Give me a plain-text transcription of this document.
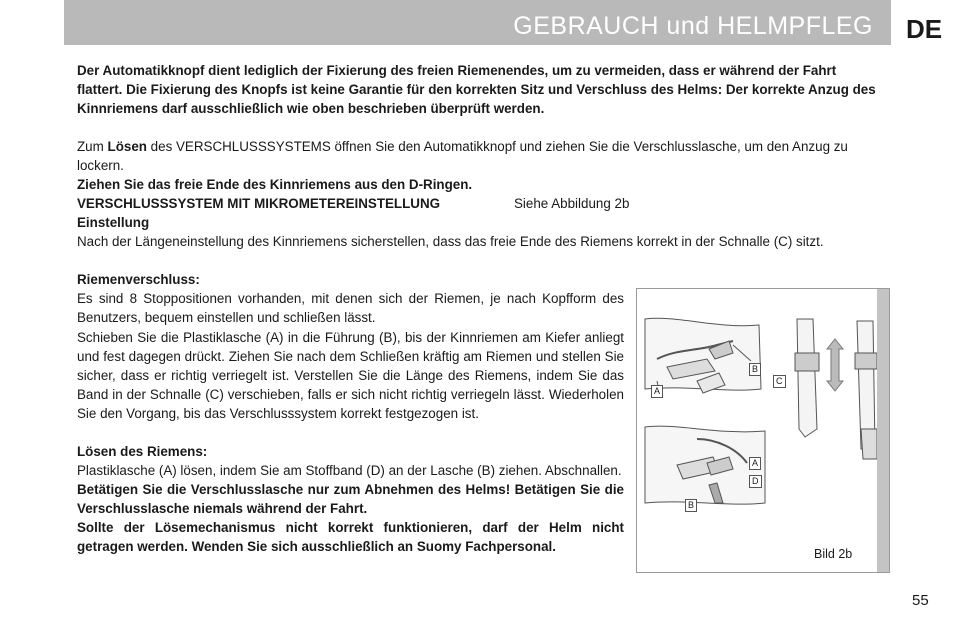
GEBRAUCH und HELMPFLEG DE

Der Automatikknopf dient lediglich der Fixierung des freien Riemenendes, um zu vermeiden, dass er während der Fahrt flattert. Die Fixierung des Knopfs ist keine Garantie für den korrekten Sitz und Verschluss des Helms: Der korrekte Anzug des Kinnriemens darf ausschließlich wie oben beschrieben überprüft werden.

Zum Lösen des VERSCHLUSSSYSTEMS öffnen Sie den Automatikknopf und ziehen Sie die Verschlusslasche, um den Anzug zu lockern.
Ziehen Sie das freie Ende des Kinnriemens aus den D-Ringen.

VERSCHLUSSSYSTEM MIT MIKROMETEREINSTELLUNG
Einstellung
Nach der Längeneinstellung des Kinnriemens sicherstellen, dass das freie Ende des Riemens korrekt in der Schnalle (C) sitzt.

Siehe Abbildung 2b

Riemenverschluss:

Es sind 8 Stoppositionen vorhanden, mit denen sich der Riemen, je nach Kopfform des Benutzers, bequem einstellen und schließen lässt.

Schieben Sie die Plastiklasche (A) in die Führung (B), bis der Kinnriemen am Kiefer anliegt und fest dagegen drückt. Ziehen Sie nach dem Schließen kräftig am Riemen und stellen Sie sicher, dass er richtig verriegelt ist. Verstellen Sie die Länge des Riemens, indem Sie das Band in der Schnalle (C) verschieben, falls er sich nicht richtig verriegeln lässt. Wiederholen Sie den Vorgang, bis das Verschlusssystem korrekt festgezogen ist.

Lösen des Riemens:

Plastiklasche (A) lösen, indem Sie am Stoffband (D) an der Lasche (B) ziehen. Abschnallen.

Betätigen Sie die Verschlusslasche nur zum Abnehmen des Helms! Betätigen Sie die Verschlusslasche niemals während der Fahrt.

Sollte der Lösemechanismus nicht korrekt funktionieren, darf der Helm nicht getragen werden. Wenden Sie sich ausschließlich an Suomy Fachpersonal.

A
B
C
A
D
B
Bild 2b
55
